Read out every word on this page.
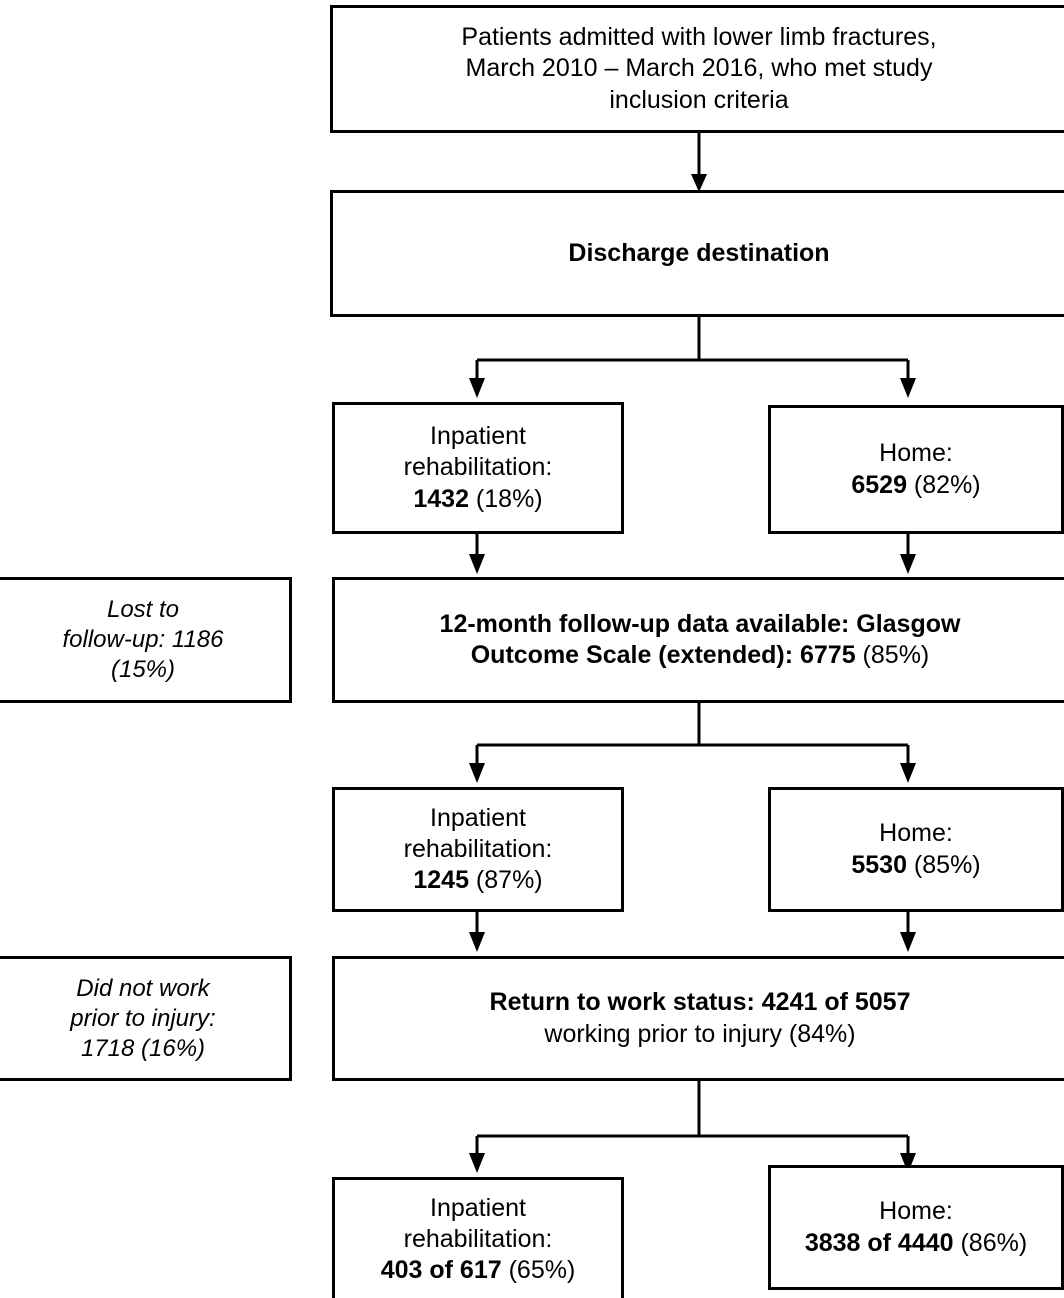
Patients admitted with lower limb fractures,
March 2010 – March 2016, who met study
inclusion criteria
Discharge destination
Inpatient
rehabilitation:
1432 (18%)
Home:
6529 (82%)
Lost to
follow-up: 1186
(15%)
12-month follow-up data available: Glasgow
Outcome Scale (extended): 6775 (85%)
Inpatient
rehabilitation:
1245 (87%)
Home:
5530 (85%)
Did not work
prior to injury:
1718 (16%)
Return to work status: 4241 of 5057
working prior to injury (84%)
Inpatient
rehabilitation:
403 of 617 (65%)
Home:
3838 of 4440 (86%)
